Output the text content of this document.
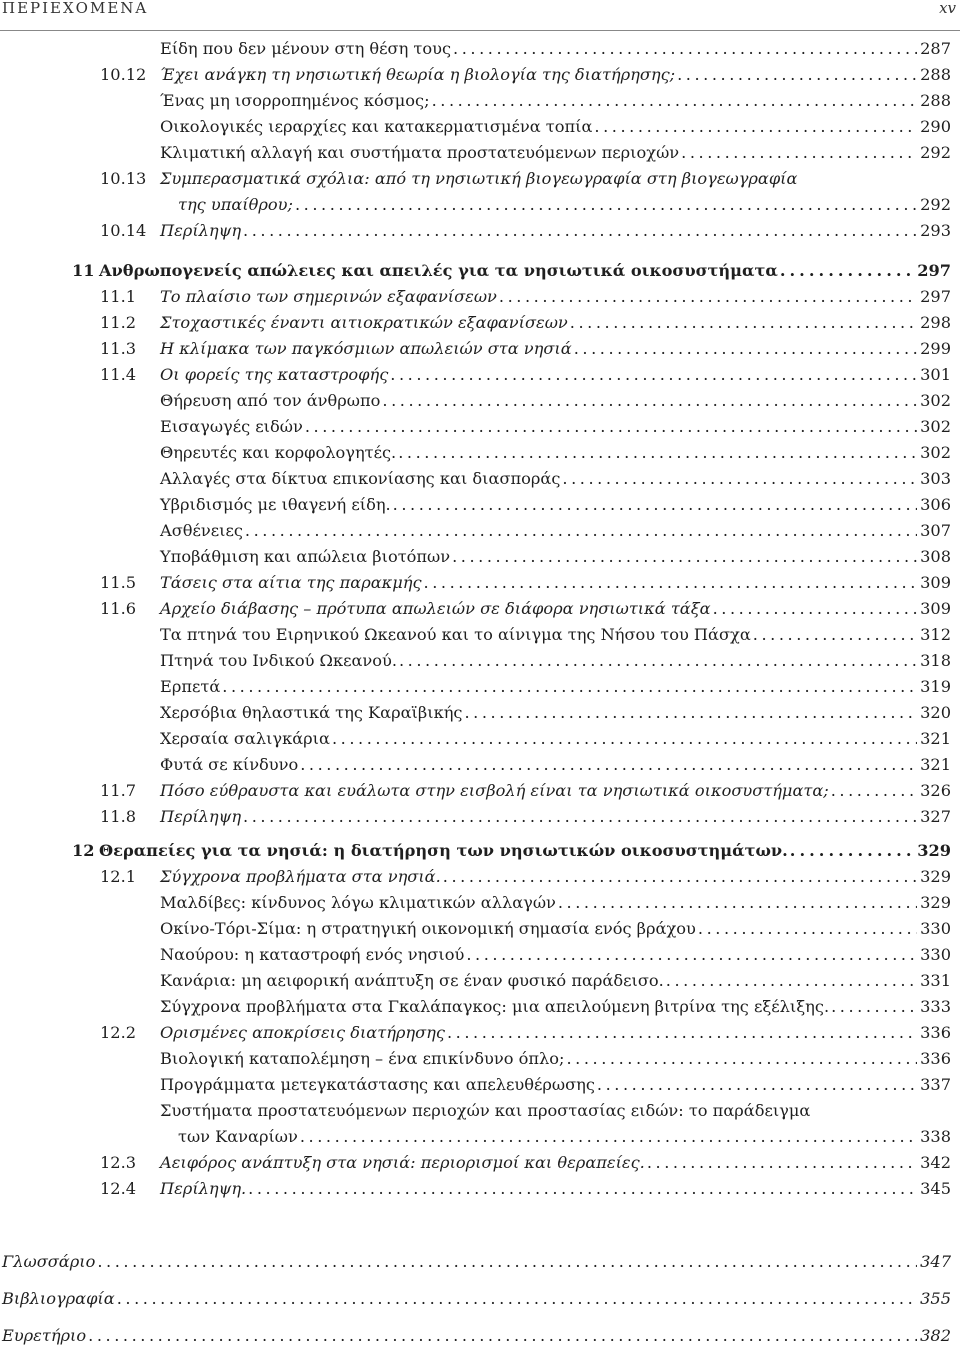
ΠΕΡΙΕΧΟΜΕΝΑ	xv
Είδη που δεν μένουν στη θέση τους . . .	287
10.12 Έχει ανάγκη τη νησιωτική θεωρία η βιολογία της διατήρησης; . . .	288
Ένας μη ισορροπημένος κόσμος; . . .	288
Οικολογικές ιεραρχίες και κατακερματισμένα τοπία . . .	290
Κλιματική αλλαγή και συστήματα προστατευόμενων περιοχών . . .	292
10.13 Συμπερασματικά σχόλια: από τη νησιωτική βιογεωγραφία στη βιογεωγραφία
της υπαίθρου; . . .	292
10.14 Περίληψη . . .	293
11 Ανθρωπογενείς απώλειες και απειλές για τα νησιωτικά οικοσυστήματα . . .	297
11.1 Το πλαίσιο των σημερινών εξαφανίσεων . . .	297
11.2 Στοχαστικές έναντι αιτιοκρατικών εξαφανίσεων . . .	298
11.3 Η κλίμακα των παγκόσμιων απωλειών στα νησιά . . .	299
11.4 Οι φορείς της καταστροφής . . .	301
Θήρευση από τον άνθρωπο . . .	302
Εισαγωγές ειδών . . .	302
Θηρευτές και κορφολογητές. . . .	302
Αλλαγές στα δίκτυα επικονίασης και διασποράς . . .	303
Υβριδισμός με ιθαγενή είδη. . . .	306
Ασθένειες . . .	307
Υποβάθμιση και απώλεια βιοτόπων . . .	308
11.5 Τάσεις στα αίτια της παρακμής . . .	309
11.6 Αρχείο διάβασης – πρότυπα απωλειών σε διάφορα νησιωτικά τάξα . . .	309
Τα πτηνά του Ειρηνικού Ωκεανού και το αίνιγμα της Νήσου του Πάσχα . . .	312
Πτηνά του Ινδικού Ωκεανού. . . .	318
Ερπετά . . .	319
Χερσόβια θηλαστικά της Καραϊβικής . . .	320
Χερσαία σαλιγκάρια . . .	321
Φυτά σε κίνδυνο . . .	321
11.7 Πόσο εύθραυστα και ευάλωτα στην εισβολή είναι τα νησιωτικά οικοσυστήματα; . . .	326
11.8 Περίληψη . . .	327
12 Θεραπείες για τα νησιά: η διατήρηση των νησιωτικών οικοσυστημάτων. . . .	329
12.1 Σύγχρονα προβλήματα στα νησιά. . . .	329
Μαλδίβες: κίνδυνος λόγω κλιματικών αλλαγών . . .	329
Οκίνο-Τόρι-Σίμα: η στρατηγική οικονομική σημασία ενός βράχου . . .	330
Ναούρου: η καταστροφή ενός νησιού . . .	330
Κανάρια: μη αειφορική ανάπτυξη σε έναν φυσικό παράδεισο. . . .	331
Σύγχρονα προβλήματα στα Γκαλάπαγκος: μια απειλούμενη βιτρίνα της εξέλιξης. . . .	333
12.2 Ορισμένες αποκρίσεις διατήρησης . . .	336
Βιολογική καταπολέμηση – ένα επικίνδυνο όπλο; . . .	336
Προγράμματα μετεγκατάστασης και απελευθέρωσης . . .	337
Συστήματα προστατευόμενων περιοχών και προστασίας ειδών: το παράδειγμα
των Καναρίων . . .	338
12.3 Αειφόρος ανάπτυξη στα νησιά: περιορισμοί και θεραπείες. . . .	342
12.4 Περίληψη. . . .	345
Γλωσσάριο . . .	347
Βιβλιογραφία . . .	355
Ευρετήριο . . .	382
